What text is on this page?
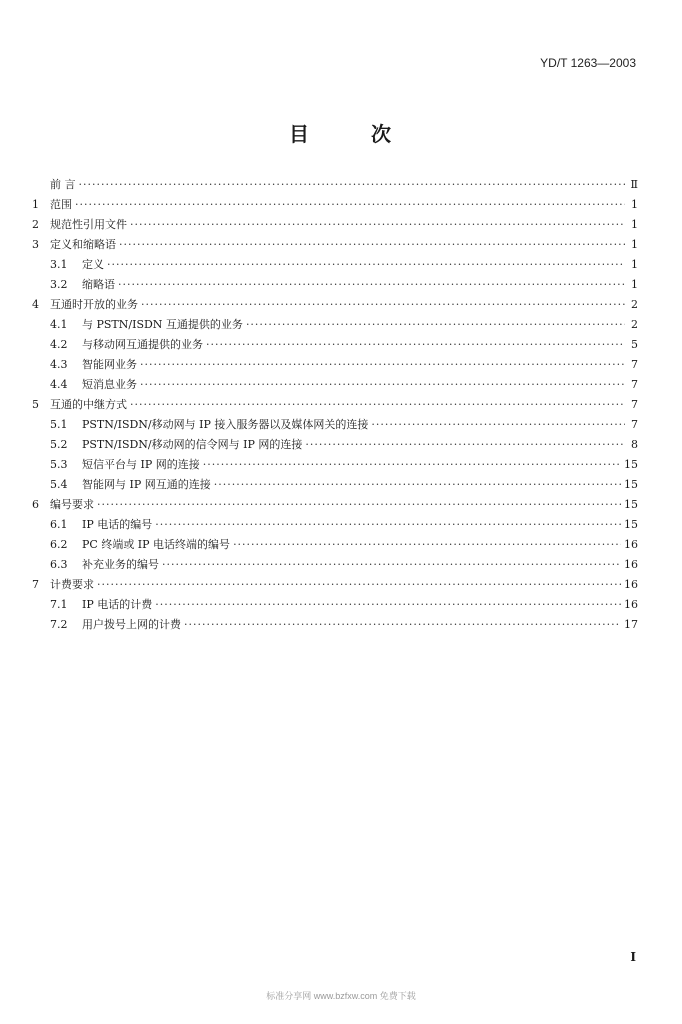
YD/T 1263—2003
目	次
前 言 ·····	Ⅱ
1	范围 ·····	1
2	规范性引用文件 ·····	1
3	定义和缩略语 ·····	1
3.1	定义 ·····	1
3.2	缩略语 ·····	1
4	互通时开放的业务 ·····	2
4.1	与 PSTN/ISDN 互通提供的业务 ·····	2
4.2	与移动网互通提供的业务 ·····	5
4.3	智能网业务 ·····	7
4.4	短消息业务 ·····	7
5	互通的中继方式 ·····	7
5.1	PSTN/ISDN/移动网与 IP 接入服务器以及媒体网关的连接 ·····	7
5.2	PSTN/ISDN/移动网的信令网与 IP 网的连接 ·····	8
5.3	短信平台与 IP 网的连接 ·····	15
5.4	智能网与 IP 网互通的连接 ·····	15
6	编号要求 ·····	15
6.1	IP 电话的编号 ·····	15
6.2	PC 终端或 IP 电话终端的编号 ·····	16
6.3	补充业务的编号 ·····	16
7	计费要求 ·····	16
7.1	IP 电话的计费 ·····	16
7.2	用户拨号上网的计费 ·····	17
Ⅰ
标准分享网 www.bzfxw.com 免费下载
